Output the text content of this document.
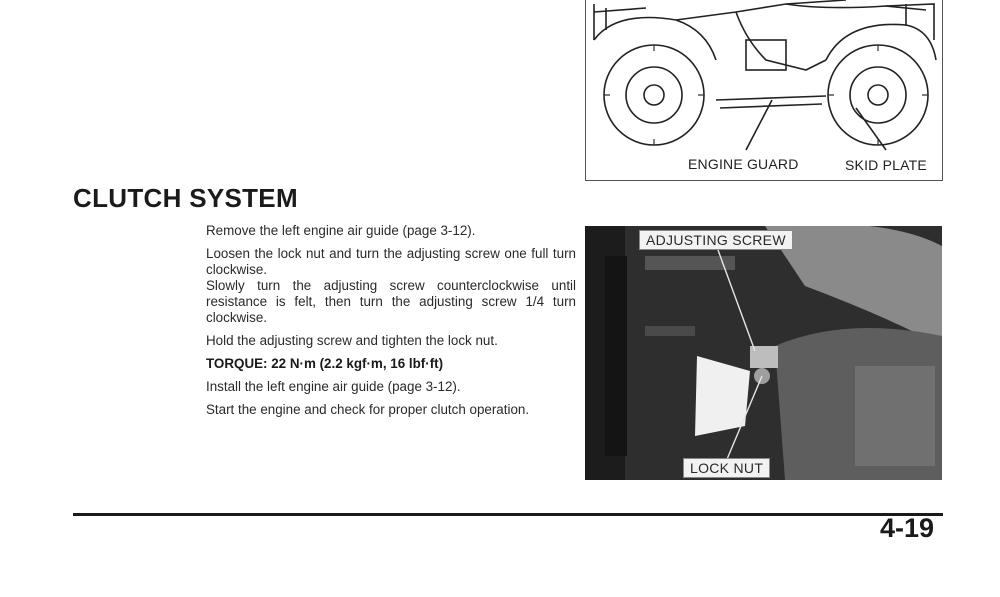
ENGINE GUARD	SKID PLATE
CLUTCH SYSTEM

Remove the left engine air guide (page 3-12).

Loosen the lock nut and turn the adjusting screw one full turn clockwise.

Slowly turn the adjusting screw counterclockwise until resistance is felt, then turn the adjusting screw 1/4 turn clockwise.

Hold the adjusting screw and tighten the lock nut.

TORQUE: 22 N·m (2.2 kgf·m, 16 lbf·ft)

Install the left engine air guide (page 3-12).

Start the engine and check for proper clutch operation.

ADJUSTING SCREW
LOCK NUT
4-19
